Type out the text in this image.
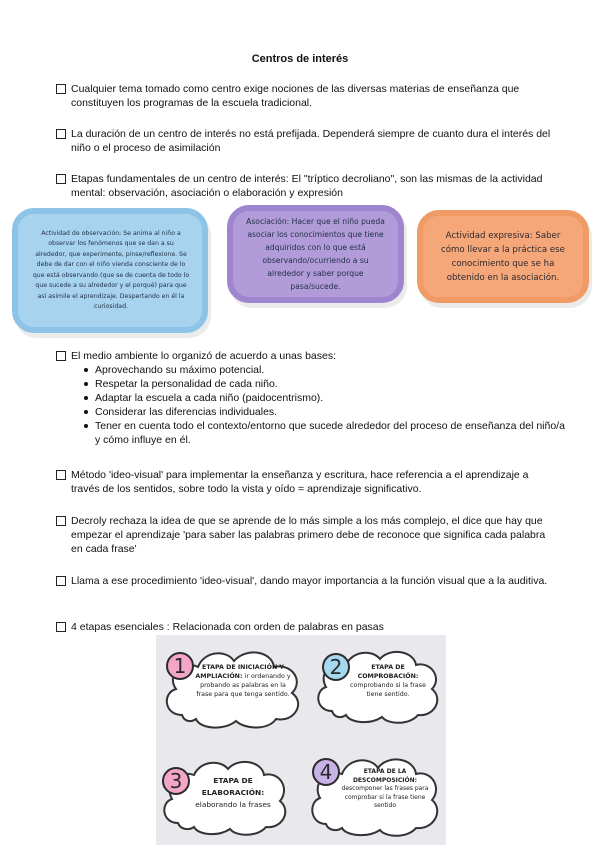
Centros de interés
Cualquier tema tomado como centro exige nociones de las diversas materias de enseñanza que constituyen los programas de la escuela tradicional.
La duración de un centro de interés no está prefijada. Dependerá siempre de cuanto dura el interés del niño o el proceso de asimilación
Etapas fundamentales de un centro de interés: El "tríptico decroliano", son las mismas de la actividad mental: observación, asociación o elaboración y expresión
Actividad de observación: Se anima al niño a observar los fenómenos que se dan a su alrededor, que experimente, pinse/reflexione. Se debe de dar con el niño vienda consciente de lo que está observando (que se de cuenta de todo lo que sucede a su alrededor y el porqué) para que así asimile el aprendizaje. Despertando en él la curiosidad.
Asociación: Hacer que el niño pueda asociar los conocimientos que tiene adquiridos con lo que está observando/ocurriendo a su alrededor y saber porque pasa/sucede.
Actividad expresiva: Saber cómo llevar a la práctica ese conocimiento que se ha obtenido en la asociación.
El medio ambiente lo organizó de acuerdo a unas bases:
Aprovechando su máximo potencial.
Respetar la personalidad de cada niño.
Adaptar la escuela a cada niño (paidocentrismo).
Considerar las diferencias individuales.
Tener en cuenta todo el contexto/entorno que sucede alrededor del proceso de enseñanza del niño/a y cómo influye en él.
Método 'ideo-visual' para implementar la enseñanza y escritura, hace referencia a el aprendizaje a través de los sentidos, sobre todo la vista y oído = aprendizaje significativo.
Decroly rechaza la idea de que se aprende de lo más simple a los más complejo, el dice que hay que empezar el aprendizaje 'para saber las palabras primero debe de reconoce que significa cada palabra en cada frase'
Llama a ese procedimiento 'ideo-visual', dando mayor importancia a la función visual que a la auditiva.
4 etapas esenciales : Relacionada con orden de palabras en pasas
1	ETAPA DE INICIACIÓN Y AMPLIACIÓN: ir ordenando y probando as palabras en la frase para que tenga sentido.
2	ETAPA DE COMPROBACIÓN: comprobando si la frase tiene sentido.
3	ETAPA DE ELABORACIÓN: elaborando la frases
4	ETAPA DE LA DESCOMPOSICIÓN: descomponer las frases para comprobar si la frase tiene sentido
